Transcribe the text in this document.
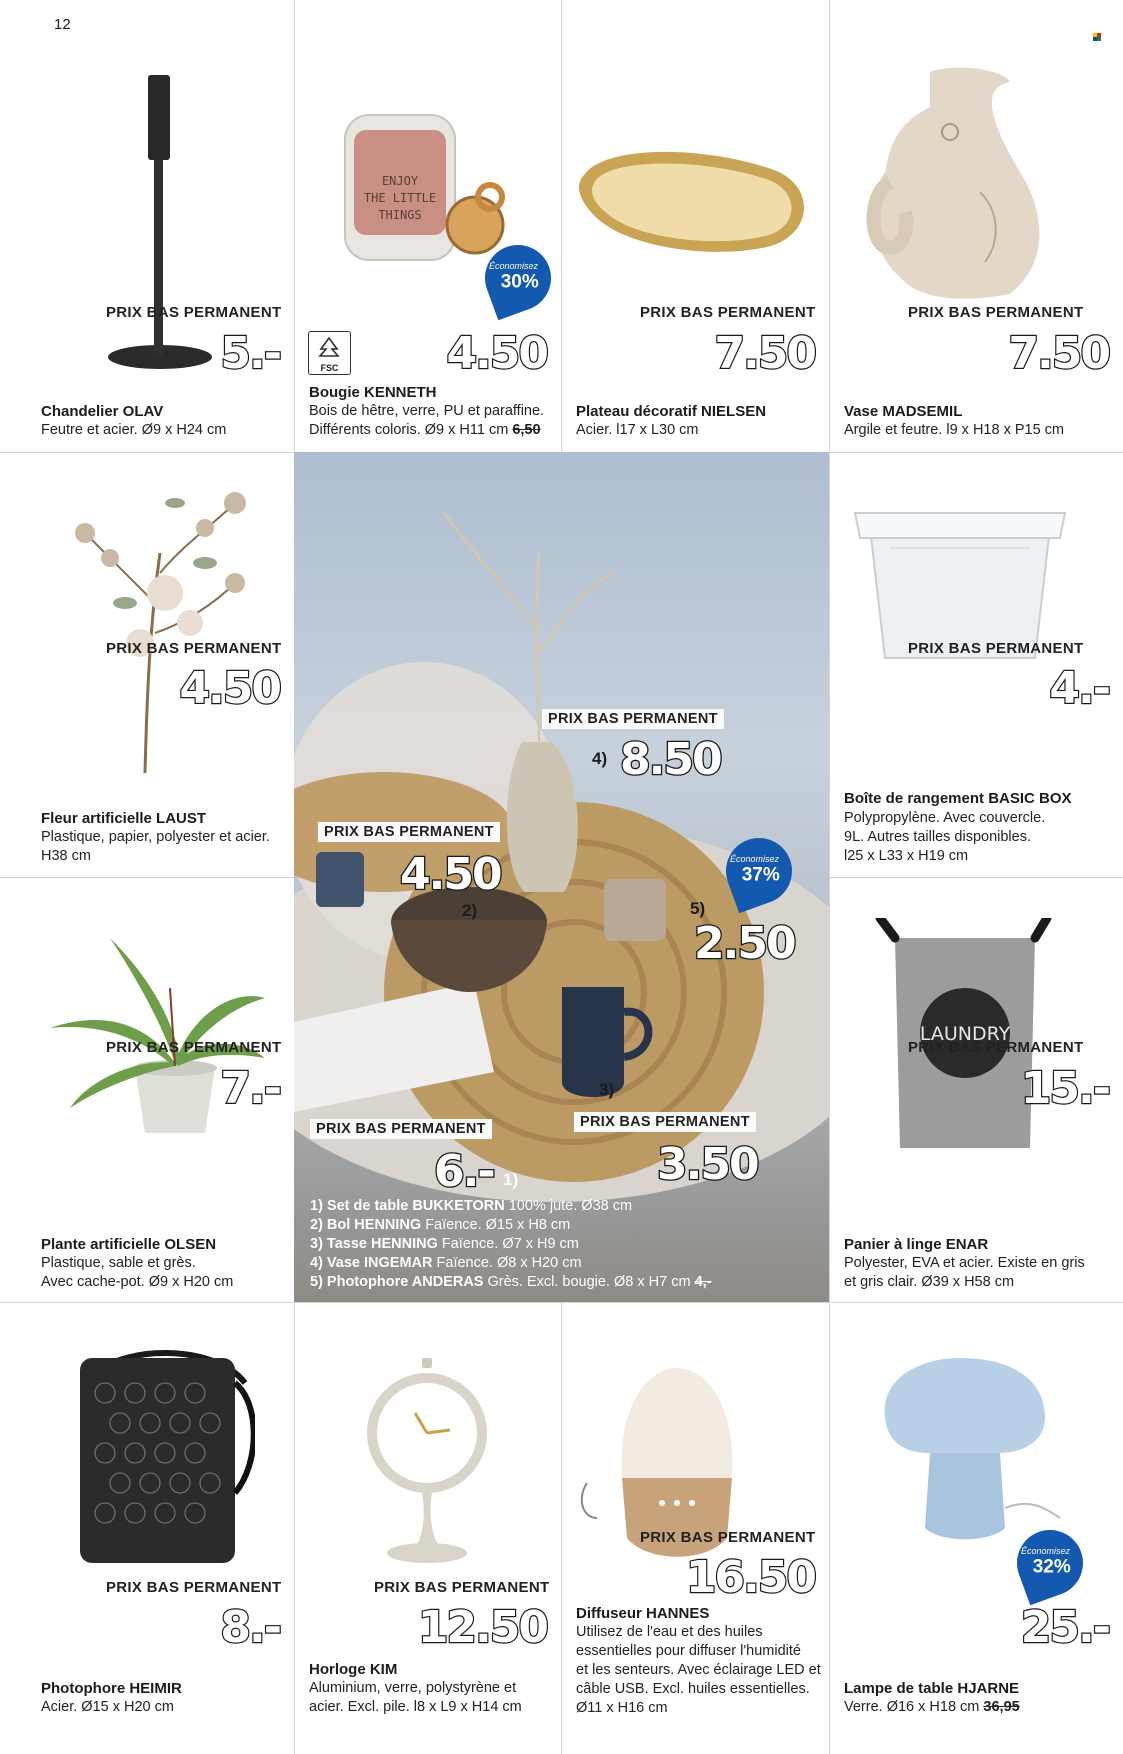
12
PRIX BAS PERMANENT
5.-
Chandelier OLAV
Feutre et acier. Ø9 x H24 cm
ENJOY
THE LITTLE
THINGS
Économisez
30%
FSC 4.50
Bougie KENNETH
Bois de hêtre, verre, PU et paraffine.
Différents coloris. Ø9 x H11 cm 6,50
PRIX BAS PERMANENT
7.50
Plateau décoratif NIELSEN
Acier. l17 x L30 cm
PRIX BAS PERMANENT
7.50
Vase MADSEMIL
Argile et feutre. l9 x H18 x P15 cm
PRIX BAS PERMANENT
4.50
Fleur artificielle LAUST
Plastique, papier, polyester et acier.
H38 cm
PRIX BAS PERMANENT
4.-
Boîte de rangement BASIC BOX
Polypropylène. Avec couvercle.
9L. Autres tailles disponibles.
l25 x L33 x H19 cm
PRIX BAS PERMANENT
7.-
Plante artificielle OLSEN
Plastique, sable et grès.
Avec cache-pot. Ø9 x H20 cm
LAUNDRY
PRIX BAS PERMANENT
15.-
Panier à linge ENAR
Polyester, EVA et acier. Existe en gris
et gris clair. Ø39 x H58 cm
PRIX BAS PERMANENT
4) 8.50
PRIX BAS PERMANENT
4.50
2)
Économisez
37%
5)
2.50
3)
PRIX BAS PERMANENT
3.50
PRIX BAS PERMANENT
6.- 1)
1) Set de table BUKKETORN 100% jute. Ø38 cm
2) Bol HENNING Faïence. Ø15 x H8 cm
3) Tasse HENNING Faïence. Ø7 x H9 cm
4) Vase INGEMAR Faïence. Ø8 x H20 cm
5) Photophore ANDERAS Grès. Excl. bougie. Ø8 x H7 cm 4,-
PRIX BAS PERMANENT
8.-
Photophore HEIMIR
Acier. Ø15 x H20 cm
PRIX BAS PERMANENT
12.50
Horloge KIM
Aluminium, verre, polystyrène et
acier. Excl. pile. l8 x L9 x H14 cm
PRIX BAS PERMANENT
16.50
Diffuseur HANNES
Utilisez de l'eau et des huiles
essentielles pour diffuser l'humidité
et les senteurs. Avec éclairage LED et
câble USB. Excl. huiles essentielles.
Ø11 x H16 cm
Économisez
32%
25.-
Lampe de table HJARNE
Verre. Ø16 x H18 cm 36,95
